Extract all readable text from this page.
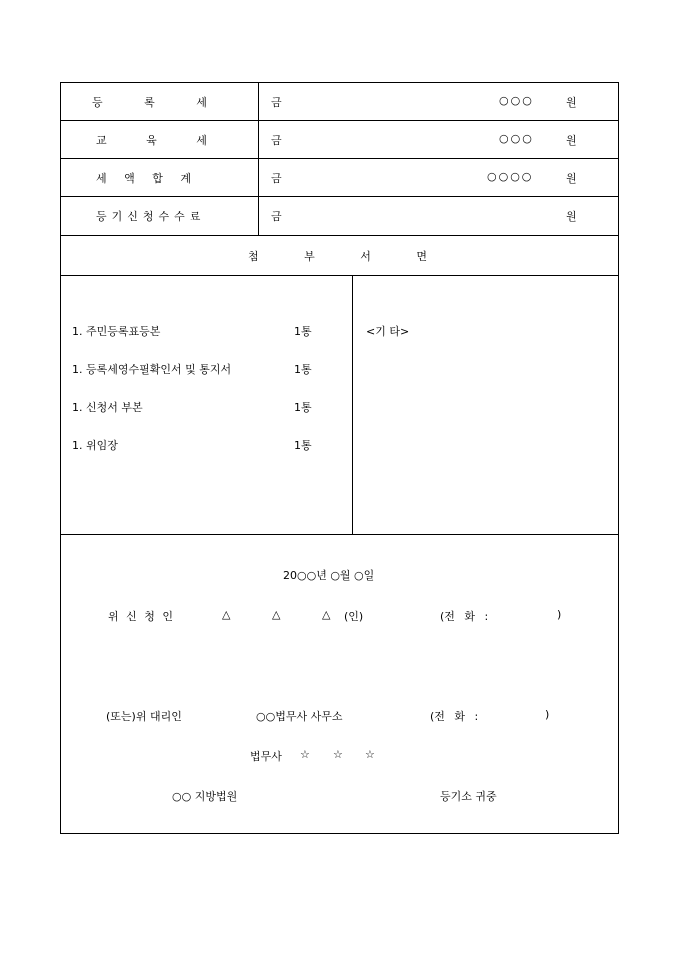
등 록 세	금	○○○	원
교 육 세	금	○○○	원
세 액 합 계	금	○○○○	원
등기신청수수료	금	원
첨 부 서 면
1. 주민등록표등본	1통
1. 등록세영수필확인서 및 통지서	1통
1. 신청서 부본	1통
1. 위임장	1통
<기 타>
20○○년 ○월 ○일
위 신 청 인	△	△	△ (인)	(전 화 :	)
(또는)위 대리인	○○법무사 사무소	(전 화 :	)
법무사 ☆ ☆ ☆
○○ 지방법원	등기소 귀중
